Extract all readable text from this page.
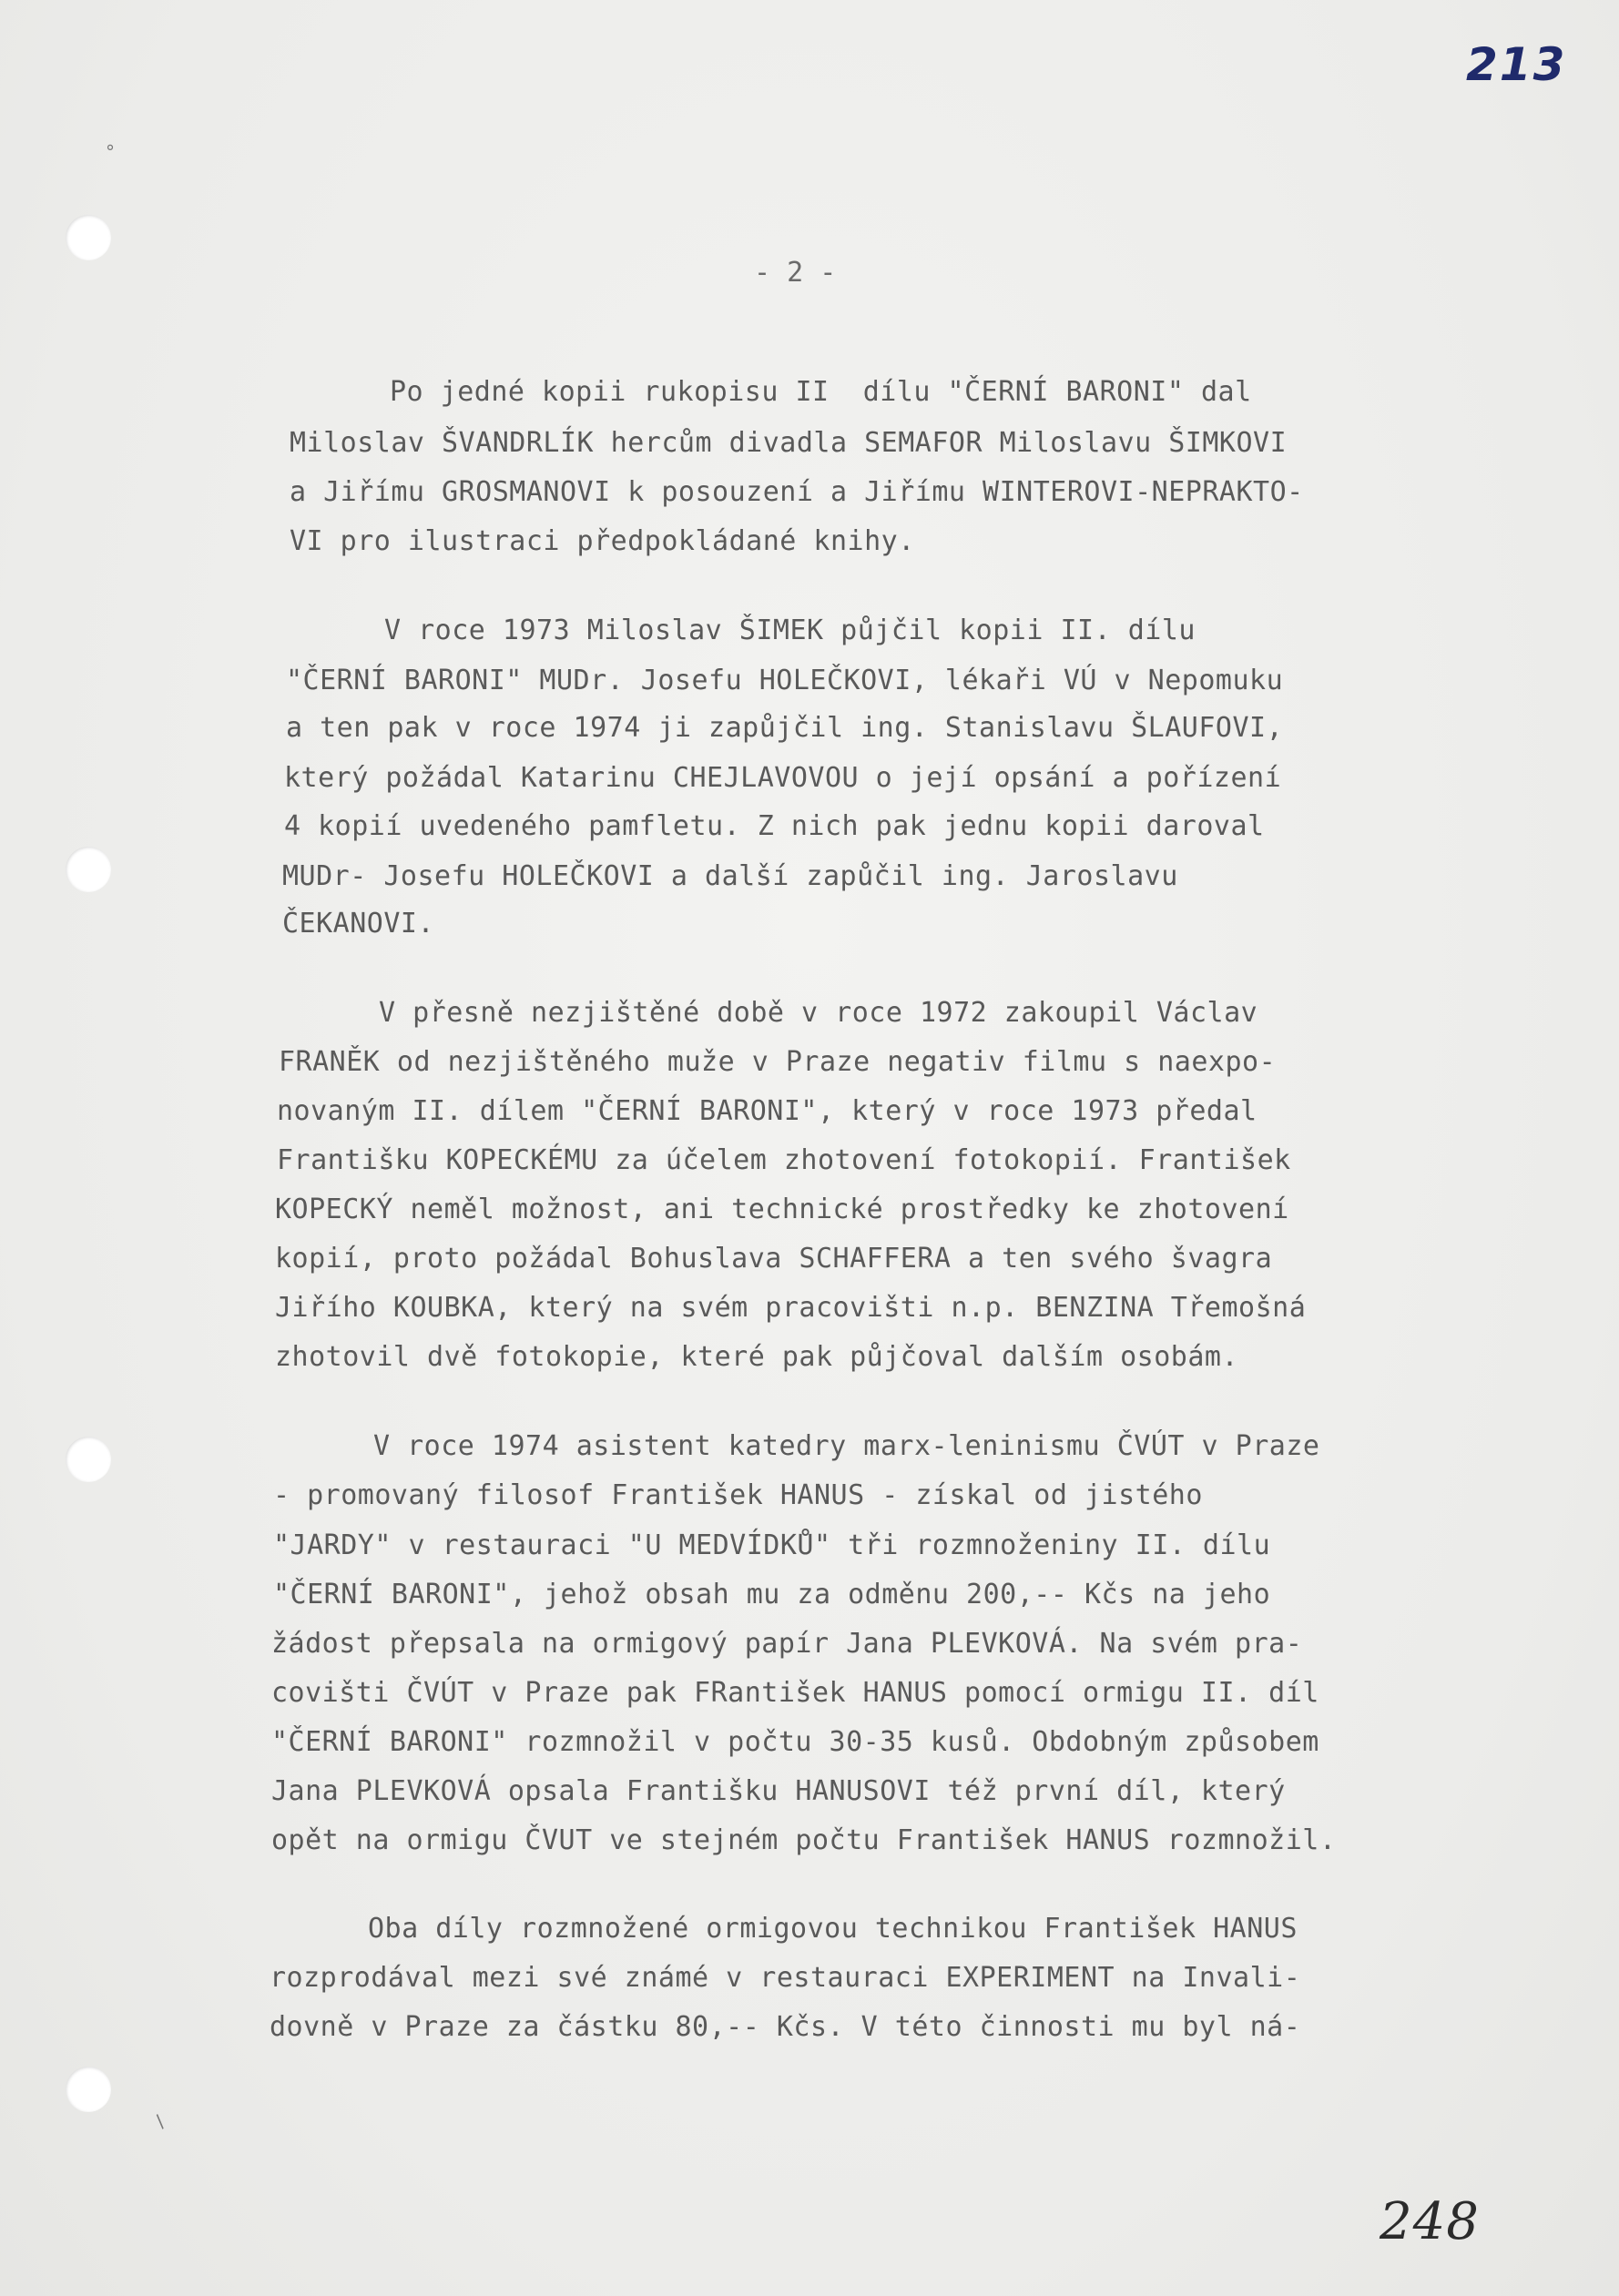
°
213
- 2 -
Po jedné kopii rukopisu II  dílu "ČERNÍ BARONI" dal
Miloslav ŠVANDRLÍK hercům divadla SEMAFOR Miloslavu ŠIMKOVI
a Jiřímu GROSMANOVI k posouzení a Jiřímu WINTEROVI-NEPRAKTO-
VI pro ilustraci předpokládané knihy.
V roce 1973 Miloslav ŠIMEK půjčil kopii II. dílu
"ČERNÍ BARONI" MUDr. Josefu HOLEČKOVI, lékaři VÚ v Nepomuku
a ten pak v roce 1974 ji zapůjčil ing. Stanislavu ŠLAUFOVI,
který požádal Katarinu CHEJLAVOVOU o její opsání a pořízení
4 kopií uvedeného pamfletu. Z nich pak jednu kopii daroval
MUDr- Josefu HOLEČKOVI a další zapůčil ing. Jaroslavu
ČEKANOVI.
V přesně nezjištěné době v roce 1972 zakoupil Václav
FRANĚK od nezjištěného muže v Praze negativ filmu s naexpo-
novaným II. dílem "ČERNÍ BARONI", který v roce 1973 předal
Františku KOPECKÉMU za účelem zhotovení fotokopií. František
KOPECKÝ neměl možnost, ani technické prostředky ke zhotovení
kopií, proto požádal Bohuslava SCHAFFERA a ten svého švagra
Jiřího KOUBKA, který na svém pracovišti n.p. BENZINA Třemošná
zhotovil dvě fotokopie, které pak půjčoval dalším osobám.
V roce 1974 asistent katedry marx-leninismu ČVÚT v Praze
- promovaný filosof František HANUS - získal od jistého
"JARDY" v restauraci "U MEDVÍDKŮ" tři rozmnoženiny II. dílu
"ČERNÍ BARONI", jehož obsah mu za odměnu 200,-- Kčs na jeho
žádost přepsala na ormigový papír Jana PLEVKOVÁ. Na svém pra-
covišti ČVÚT v Praze pak FRantišek HANUS pomocí ormigu II. díl
"ČERNÍ BARONI" rozmnožil v počtu 30-35 kusů. Obdobným způsobem
Jana PLEVKOVÁ opsala Františku HANUSOVI též první díl, který
opět na ormigu ČVUT ve stejném počtu František HANUS rozmnožil.
Oba díly rozmnožené ormigovou technikou František HANUS
rozprodával mezi své známé v restauraci EXPERIMENT na Invali-
dovně v Praze za částku 80,-- Kčs. V této činnosti mu byl ná-
/
248
